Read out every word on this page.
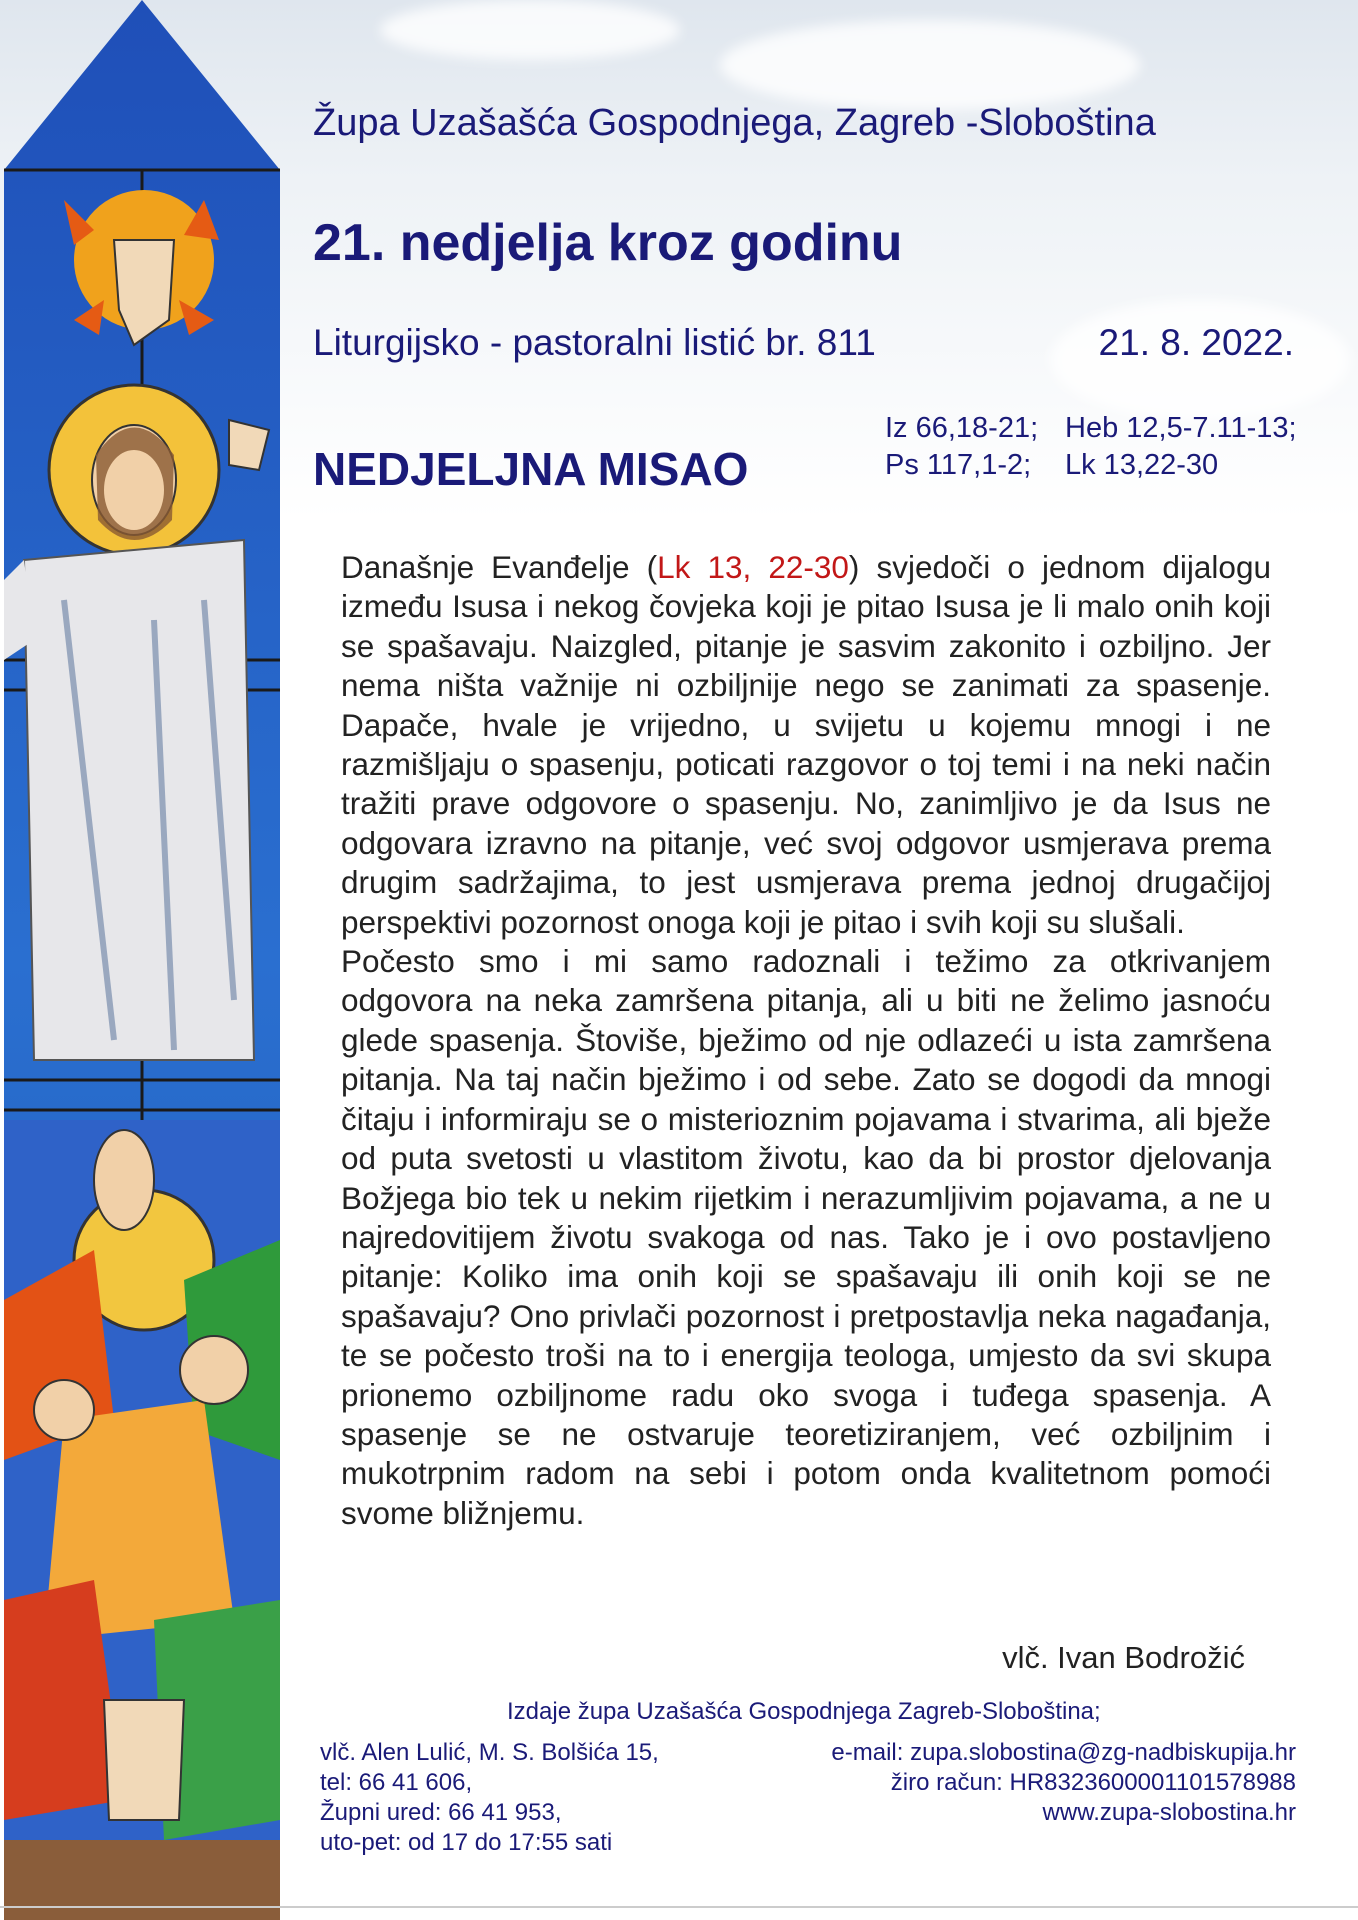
Župa Uzašašća Gospodnjega, Zagreb -Sloboština
21. nedjelja kroz godinu
Liturgijsko - pastoralni listić br. 811	21. 8. 2022.
NEDJELJNA MISAO
Iz 66,18-21; Heb 12,5-7.11-13;
Ps 117,1-2;	Lk 13,22-30

Današnje Evanđelje (Lk 13, 22-30) svjedoči o jednom dijalogu između Isusa i nekog čovjeka koji je pitao Isusa je li malo onih koji se spašavaju. Naizgled, pitanje je sasvim zakonito i ozbiljno. Jer nema ništa važnije ni ozbiljnije nego se zanimati za spasenje. Dapače, hvale je vrijedno, u svijetu u kojemu mnogi i ne razmišljaju o spasenju, poticati razgovor o toj temi i na neki način tražiti prave odgovore o spasenju. No, zanimljivo je da Isus ne odgovara izravno na pitanje, već svoj odgovor usmjerava prema drugim sadržajima, to jest usmjerava prema jednoj drugačijoj perspektivi pozornost onoga koji je pitao i svih koji su slušali.

Počesto smo i mi samo radoznali i težimo za otkrivanjem odgovora na neka zamršena pitanja, ali u biti ne želimo jasnoću glede spasenja. Štoviše, bježimo od nje odlazeći u ista zamršena pitanja. Na taj način bježimo i od sebe. Zato se dogodi da mnogi čitaju i informiraju se o misterioznim pojavama i stvarima, ali bježe od puta svetosti u vlastitom životu, kao da bi prostor djelovanja Božjega bio tek u nekim rijetkim i nerazumljivim pojavama, a ne u najredovitijem životu svakoga od nas. Tako je i ovo postavljeno pitanje: Koliko ima onih koji se spašavaju ili onih koji se ne spašavaju? Ono privlači pozornost i pretpostavlja neka nagađanja, te se počesto troši na to i energija teologa, umjesto da svi skupa prionemo ozbiljnome radu oko svoga i tuđega spasenja. A spasenje se ne ostvaruje teoretiziranjem, već ozbiljnim i mukotrpnim radom na sebi i potom onda kvalitetnom pomoći svome bližnjemu.

vlč. Ivan Bodrožić
Izdaje župa Uzašašća Gospodnjega Zagreb-Sloboština;
vlč. Alen Lulić, M. S. Bolšića 15,
tel: 66 41 606,
Župni ured: 66 41 953,
uto-pet: od 17 do 17:55 sati
e-mail: zupa.slobostina@zg-nadbiskupija.hr
žiro račun: HR8323600001101578988
www.zupa-slobostina.hr
